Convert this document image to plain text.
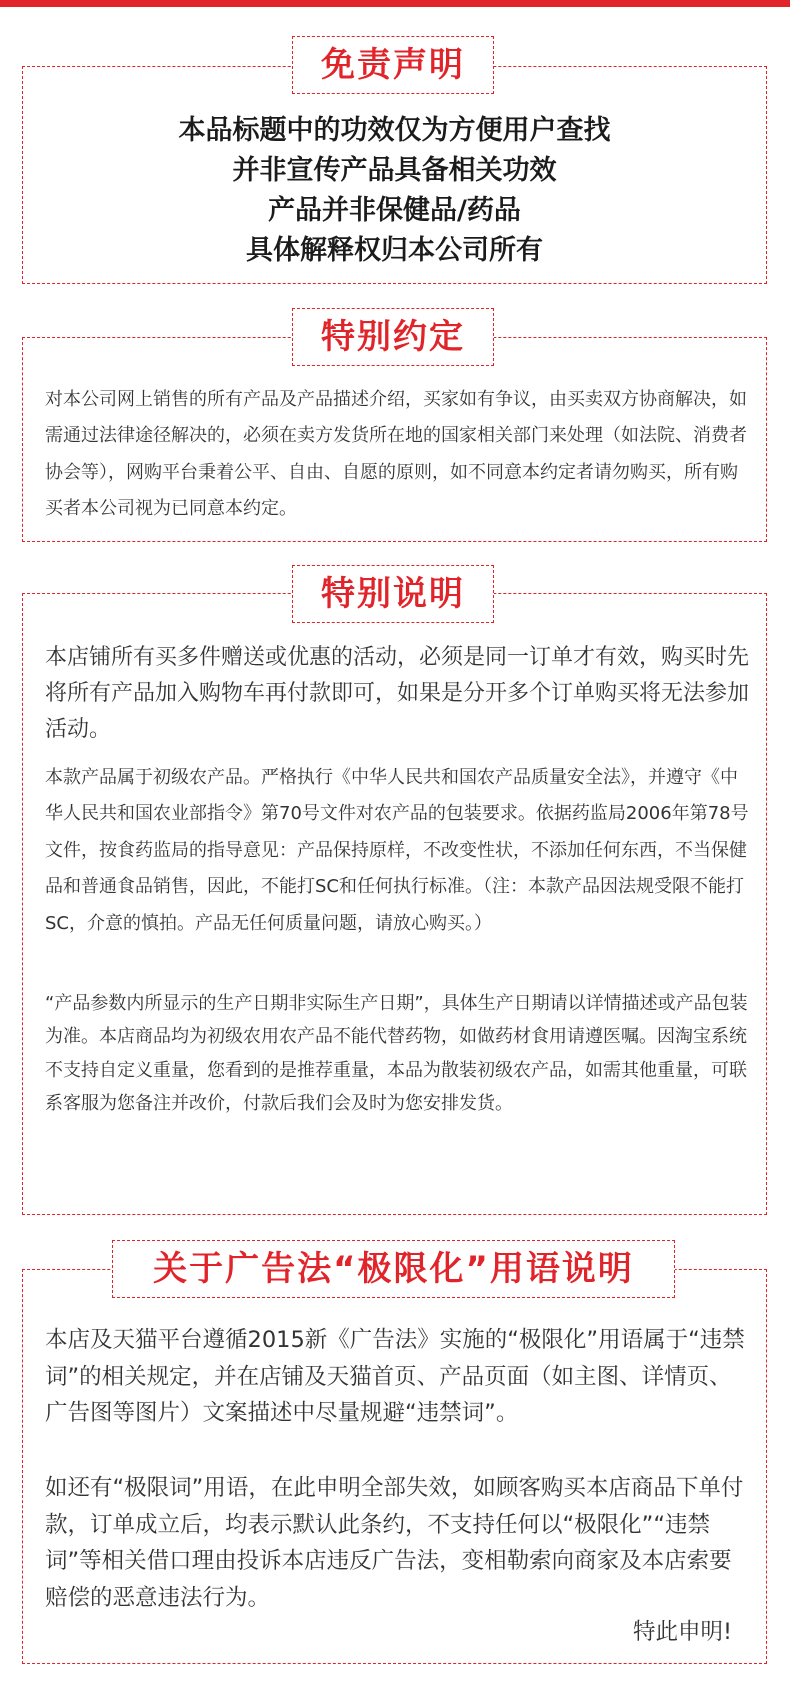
本品标题中的功效仅为方便用户查找
并非宣传产品具备相关功效
产品并非保健品/药品
具体解释权归本公司所有
免责声明
对本公司网上销售的所有产品及产品描述介绍，买家如有争议，由买卖双方协商解决，如需通过法律途径解决的，必须在卖方发货所在地的国家相关部门来处理（如法院、消费者协会等），网购平台秉着公平、自由、自愿的原则，如不同意本约定者请勿购买，所有购买者本公司视为已同意本约定。
特别约定
本店铺所有买多件赠送或优惠的活动，必须是同一订单才有效，购买时先将所有产品加入购物车再付款即可，如果是分开多个订单购买将无法参加活动。
本款产品属于初级农产品。严格执行《中华人民共和国农产品质量安全法》，并遵守《中华人民共和国农业部指令》第70号文件对农产品的包装要求。依据药监局2006年第78号文件，按食药监局的指导意见：产品保持原样，不改变性状，不添加任何东西，不当保健品和普通食品销售，因此，不能打SC和任何执行标准。（注：本款产品因法规受限不能打SC，介意的慎拍。产品无任何质量问题，请放心购买。）
“产品参数内所显示的生产日期非实际生产日期”，具体生产日期请以详情描述或产品包装为准。本店商品均为初级农用农产品不能代替药物，如做药材食用请遵医嘱。因淘宝系统不支持自定义重量，您看到的是推荐重量，本品为散装初级农产品，如需其他重量，可联系客服为您备注并改价，付款后我们会及时为您安排发货。
特别说明
本店及天猫平台遵循2015新《广告法》实施的“极限化”用语属于“违禁词”的相关规定，并在店铺及天猫首页、产品页面（如主图、详情页、广告图等图片）文案描述中尽量规避“违禁词”。
如还有“极限词”用语，在此申明全部失效，如顾客购买本店商品下单付款，订单成立后，均表示默认此条约，不支持任何以“极限化”“违禁词”等相关借口理由投诉本店违反广告法，变相勒索向商家及本店索要赔偿的恶意违法行为。
特此申明!
关于广告法“极限化”用语说明
